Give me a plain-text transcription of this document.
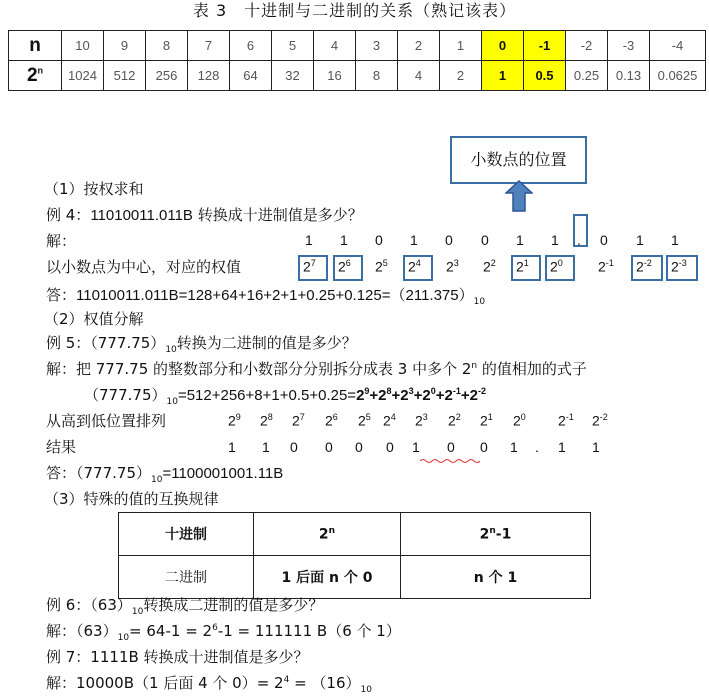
表 3　十进制与二进制的关系（熟记该表）
n	10	9	8	7	6	5	4	3	2	1	0	-1	-2	-3	-4
2$^n$	1024	512	256	128	64	32	16	8	4	2	1	0.5	0.25	0.13	0.0625
小数点的位置
（1）按权求和
例 4：11010011.011B 转换成十进制值是多少？
解：	1 1 0 1 0 0 1 1 . 0 1 1
以小数点为中心，对应的权值	$2^7$ $2^6$ $2^5$ $2^4$ $2^3$ $2^2$ $2^1$ $2^0$	$2^{-1}$ $2^{-2}$ $2^{-3}$
答：$11010011.011B=128+64+16+2+1+0.25+0.125=(211.375)_{10}$
（2）权值分解
例 5：$(777.75)_{10}$转换为二进制的值是多少？
解：把 777.75 的整数部分和小数部分分别拆分成表 3 中多个 2$^n$ 的值相加的式子
$(777.75)_{10}=512+256+8+1+0.5+0.25=2^9+2^8+2^3+2^0+2^{-1}+2^{-2}$
从高到低位置排列	$2^9$ $2^8$ $2^7$ $2^6$ $2^5$ $2^4$ $2^3$ $2^2$ $2^1$ $2^0$ $2^{-1}$ $2^{-2}$
结果	1 1 0 0 0 0 1 0 0 1 . 1 1
答：$(777.75)_{10}=1100001001.11B$
（3）特殊的值的互换规律
十进制	2$^n$	2$^n$-1
二进制	1 后面 n 个 0	n 个 1
例 6：$(63)_{10}$转换成二进制的值是多少？
解：$(63)_{10}= 64-1 = 2^6-1 = 111111$ B（6 个 1）
例 7：1111B 转换成十进制值是多少？
解：10000B（1 后面 4 个 $0)= 2^4 = (16)_{10}$
